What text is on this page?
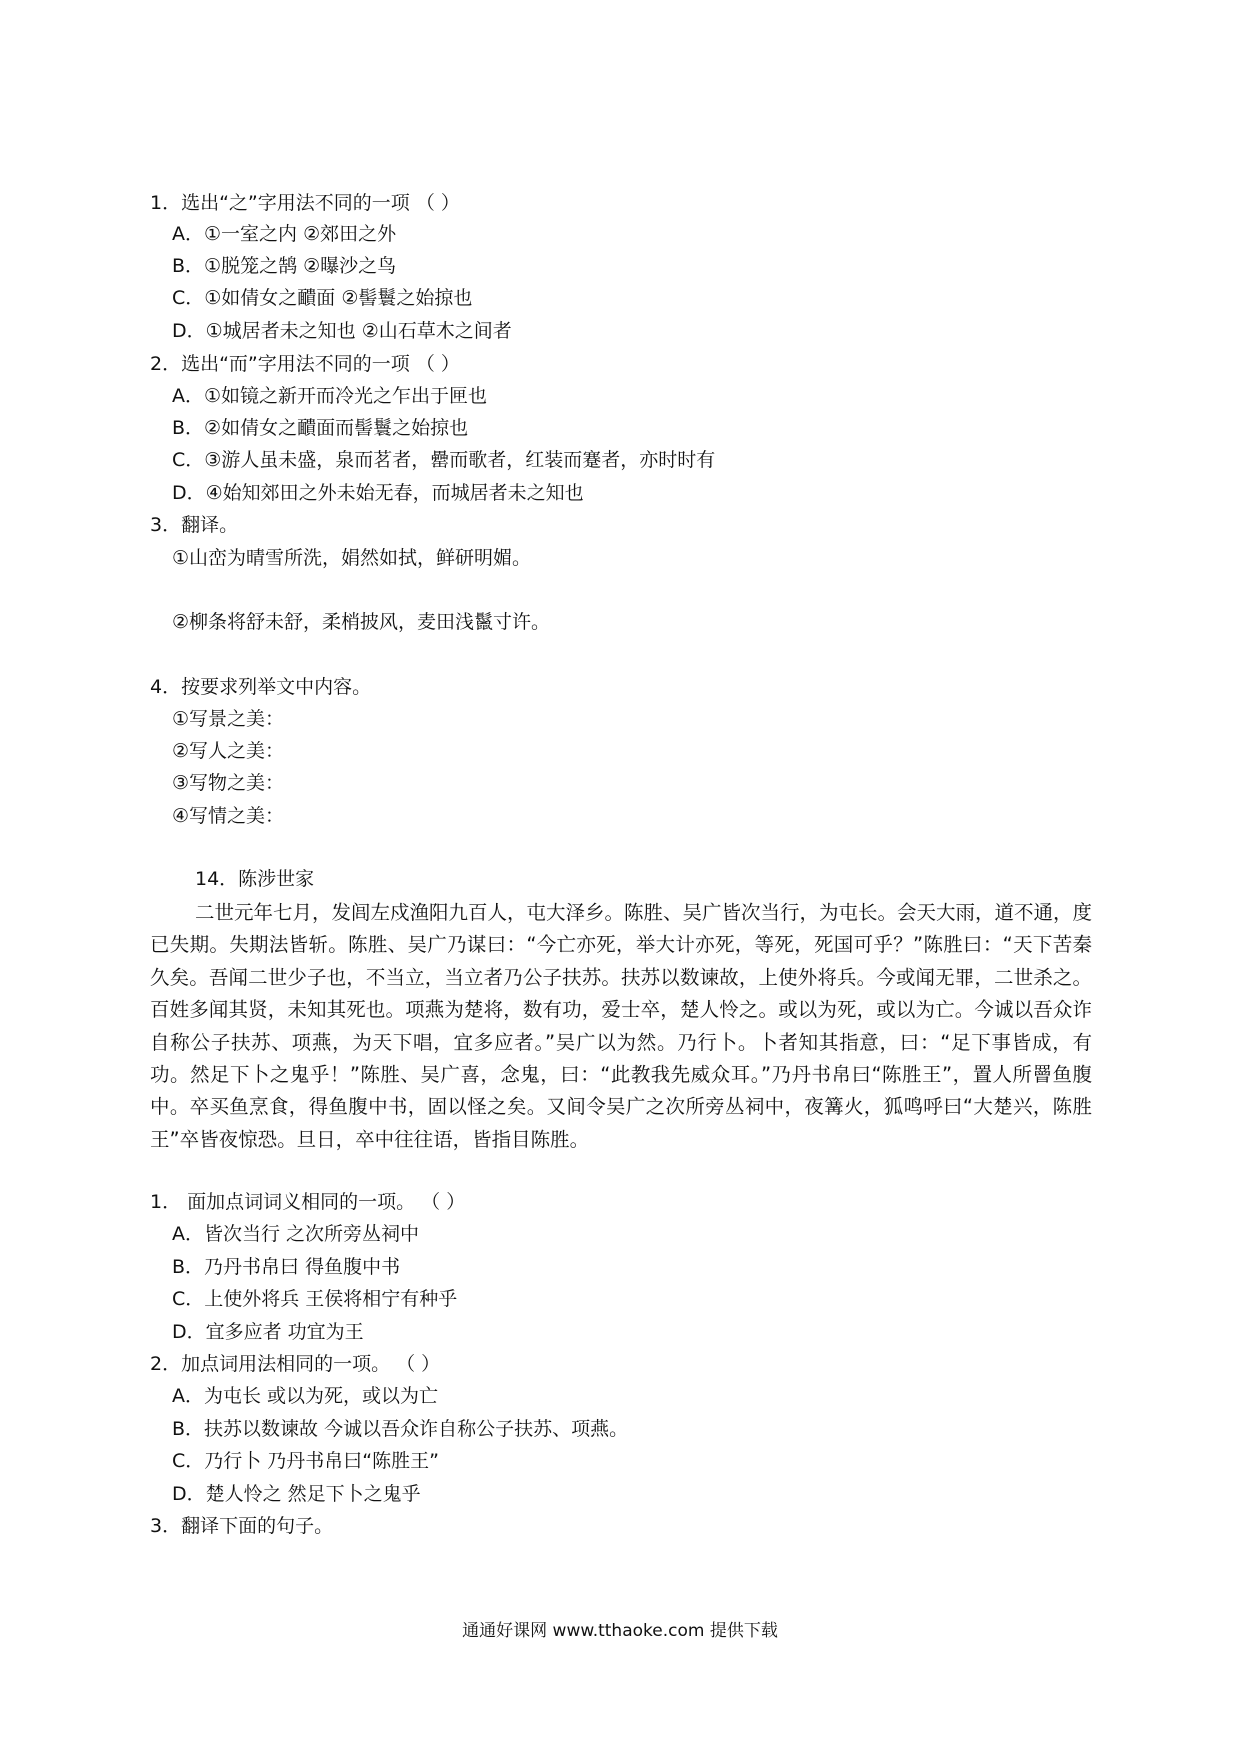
1．选出“之”字用法不同的一项 （ ）
A．①一室之内 ②郊田之外
B．①脱笼之鹄 ②曝沙之鸟
C．①如倩女之靧面 ②髻鬟之始掠也
D．①城居者未之知也 ②山石草木之间者
2．选出“而”字用法不同的一项 （ ）
A．①如镜之新开而冷光之乍出于匣也
B．②如倩女之靧面而髻鬟之始掠也
C．③游人虽未盛，泉而茗者，罍而歌者，红装而蹇者，亦时时有
D．④始知郊田之外未始无春，而城居者未之知也
3．翻译。
①山峦为晴雪所洗，娟然如拭，鲜研明媚。
②柳条将舒未舒，柔梢披风，麦田浅鬣寸许。
4．按要求列举文中内容。
①写景之美：
②写人之美：
③写物之美：
④写情之美：
14．陈涉世家
二世元年七月，发闾左戍渔阳九百人，屯大泽乡。陈胜、吴广皆次当行，为屯长。会天大雨，道不通，度已失期。失期法皆斩。陈胜、吴广乃谋曰：“今亡亦死，举大计亦死，等死，死国可乎？”陈胜曰：“天下苦秦久矣。吾闻二世少子也，不当立，当立者乃公子扶苏。扶苏以数谏故，上使外将兵。今或闻无罪，二世杀之。百姓多闻其贤，未知其死也。项燕为楚将，数有功，爱士卒，楚人怜之。或以为死，或以为亡。今诚以吾众诈自称公子扶苏、项燕，为天下唱，宜多应者。”吴广以为然。乃行卜。卜者知其指意，曰：“足下事皆成，有功。然足下卜之鬼乎！”陈胜、吴广喜，念鬼，曰：“此教我先威众耳。”乃丹书帛曰“陈胜王”，置人所罾鱼腹中。卒买鱼烹食，得鱼腹中书，固以怪之矣。又间令吴广之次所旁丛祠中，夜篝火，狐鸣呼曰“大楚兴，陈胜王”卒皆夜惊恐。旦日，卒中往往语，皆指目陈胜。
1． 面加点词词义相同的一项。 （ ）
A．皆次当行 之次所旁丛祠中
B．乃丹书帛曰 得鱼腹中书
C．上使外将兵 王侯将相宁有种乎
D．宜多应者 功宜为王
2．加点词用法相同的一项。 （ ）
A．为屯长 或以为死，或以为亡
B．扶苏以数谏故 今诚以吾众诈自称公子扶苏、项燕。
C．乃行卜 乃丹书帛曰“陈胜王”
D．楚人怜之 然足下卜之鬼乎
3．翻译下面的句子。
通通好课网 www.tthaoke.com 提供下载
